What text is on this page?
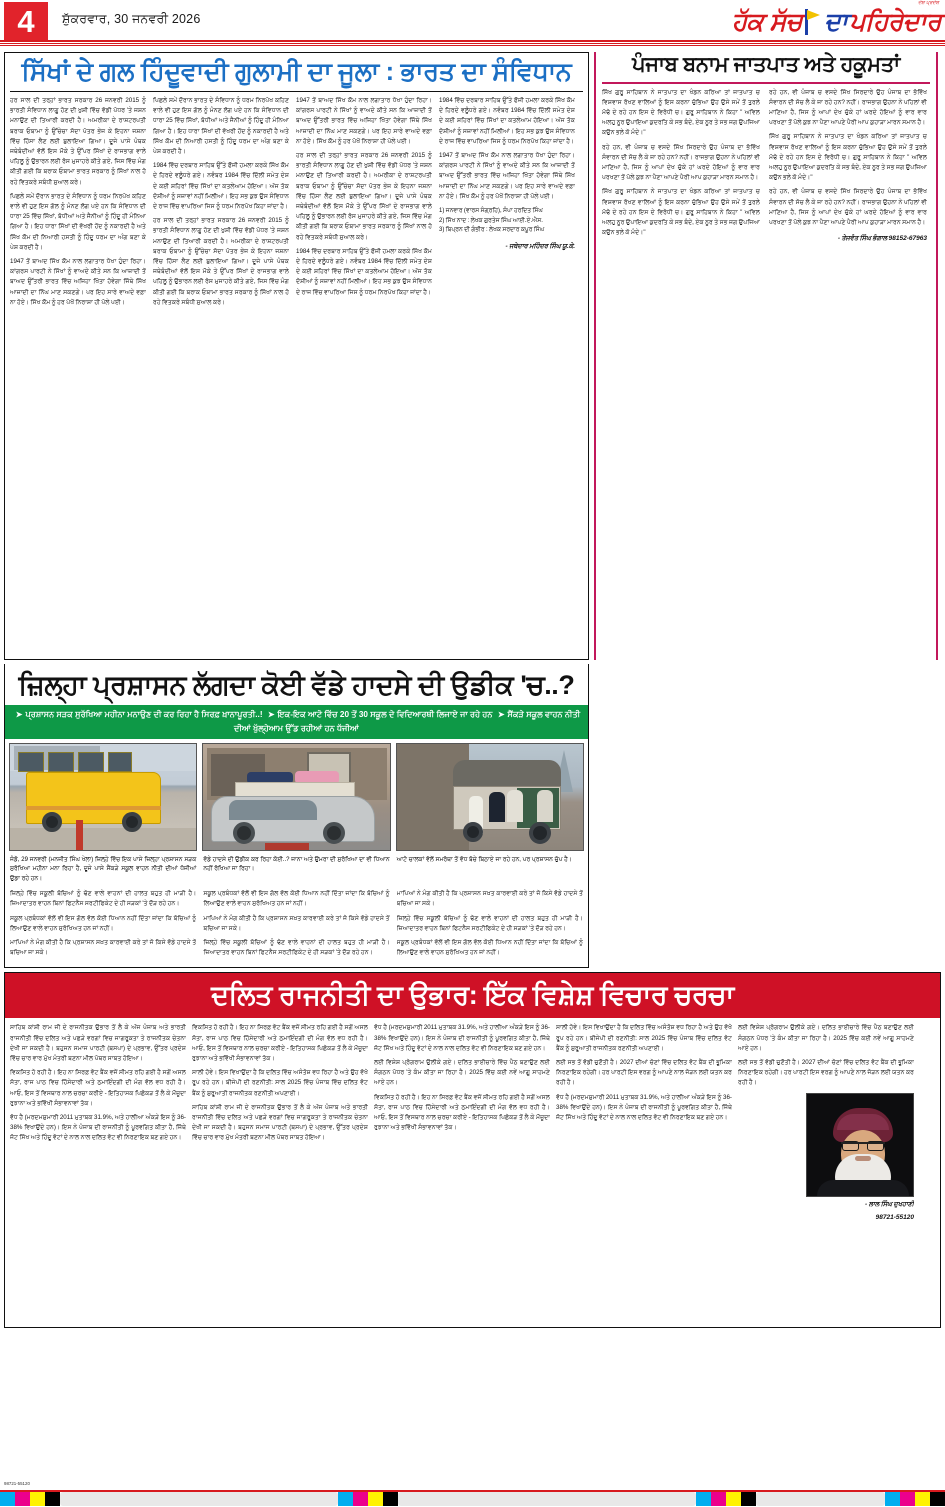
4	ਸ਼ੁੱਕਰਵਾਰ, 30 ਜਨਵਰੀ 2026	ਹੱਕ ਸੱਚ ਦਾ ਪਹਿਰੇਦਾਰ
ਦੇਸ਼ ਪ੍ਰਦੇਸ਼
ਸਿੱਖਾਂ ਦੇ ਗਲ ਹਿੰਦੂਵਾਦੀ ਗੁਲਾਮੀ ਦਾ ਜੂਲਾ : ਭਾਰਤ ਦਾ ਸੰਵਿਧਾਨ

ਹਰ ਸਾਲ ਦੀ ਤਰ੍ਹਾਂ ਭਾਰਤ ਸਰਕਾਰ 26 ਜਨਵਰੀ 2015 ਨੂੰ ਭਾਰਤੀ ਸੰਵਿਧਾਨ ਲਾਗੂ ਹੋਣ ਦੀ ਖੁਸ਼ੀ ਵਿੱਚ ਵੱਡੀ ਪੱਧਰ 'ਤੇ ਜਸ਼ਨ ਮਨਾਉਣ ਦੀ ਤਿਆਰੀ ਕਰਦੀ ਹੈ। ਅਮਰੀਕਾ ਦੇ ਰਾਸ਼ਟਰਪਤੀ ਬਰਾਕ ਓਬਾਮਾ ਨੂੰ ਉੱਚੇਚਾ ਸੱਦਾ ਪੱਤਰ ਭੇਜ ਕੇ ਇਹਨਾ ਜਸ਼ਨਾ ਵਿੱਚ ਹਿੱਸਾ ਲੈਣ ਲਈ ਬੁਲਾਇਆ ਗਿਆ। ਦੂਜੇ ਪਾਸੇ ਪੰਥਕ ਜਥੇਬੰਦੀਆਂ ਵੱਲੋਂ ਇਸ ਮੌਕੇ ਤੇ ਉੱਪਰ ਸਿੱਖਾਂ ਦੇ ਰਾਜਭਾਗ ਵਾਲੇ ਪਹਿਲੂ ਨੂੰ ਉਭਾਰਨ ਲਈ ਰੋਸ ਮੁਜਾਹਰੇ ਕੀਤੇ ਗਏ, ਜਿਸ ਵਿੱਚ ਮੰਗ ਕੀਤੀ ਗਈ ਕਿ ਬਰਾਕ ਓਬਾਮਾ ਭਾਰਤ ਸਰਕਾਰ ਨੂੰ ਸਿੱਖਾਂ ਨਾਲ ਹੋ ਰਹੇ ਵਿਤਕਰੇ ਸਬੰਧੀ ਸੁਆਲ ਕਰੇ।

ਪਿਛਲੇ ਸਮੇਂ ਦੌਰਾਨ ਭਾਰਤ ਦੇ ਸੰਵਿਧਾਨ ਨੂੰ ਧਰਮ ਨਿਰਪੱਖ ਕਹਿਣ ਵਾਲੇ ਵੀ ਹੁਣ ਇਸ ਗੱਲ ਨੂੰ ਮੰਨਣ ਲੱਗ ਪਏ ਹਨ ਕਿ ਸੰਵਿਧਾਨ ਦੀ ਧਾਰਾ 25 ਵਿੱਚ ਸਿੱਖਾਂ, ਬੋਧੀਆਂ ਅਤੇ ਜੈਨੀਆਂ ਨੂੰ ਹਿੰਦੂ ਹੀ ਮੰਨਿਆ ਗਿਆ ਹੈ। ਇਹ ਧਾਰਾ ਸਿੱਖਾਂ ਦੀ ਵੱਖਰੀ ਹੋਂਦ ਨੂੰ ਨਕਾਰਦੀ ਹੈ ਅਤੇ ਸਿੱਖ ਕੌਮ ਦੀ ਨਿਆਰੀ ਹਸਤੀ ਨੂੰ ਹਿੰਦੂ ਧਰਮ ਦਾ ਅੰਗ ਬਣਾ ਕੇ ਪੇਸ਼ ਕਰਦੀ ਹੈ।

1947 ਤੋਂ ਬਾਅਦ ਸਿੱਖ ਕੌਮ ਨਾਲ ਲਗਾਤਾਰ ਧੋਖਾ ਹੁੰਦਾ ਰਿਹਾ। ਕਾਂਗਰਸ ਪਾਰਟੀ ਨੇ ਸਿੱਖਾਂ ਨੂੰ ਵਾਅਦੇ ਕੀਤੇ ਸਨ ਕਿ ਆਜ਼ਾਦੀ ਤੋਂ ਬਾਅਦ ਉੱਤਰੀ ਭਾਰਤ ਵਿੱਚ ਅਜਿਹਾ ਖਿੱਤਾ ਹੋਵੇਗਾ ਜਿੱਥੇ ਸਿੱਖ ਆਜ਼ਾਦੀ ਦਾ ਨਿੱਘ ਮਾਣ ਸਕਣਗੇ। ਪਰ ਇਹ ਸਾਰੇ ਵਾਅਦੇ ਵਫ਼ਾ ਨਾ ਹੋਏ। ਸਿੱਖ ਕੌਮ ਨੂੰ ਹਰ ਪੱਖੋਂ ਨਿਰਾਸ਼ਾ ਹੀ ਪੱਲੇ ਪਈ।

ਪਿਛਲੇ ਸਮੇਂ ਦੌਰਾਨ ਭਾਰਤ ਦੇ ਸੰਵਿਧਾਨ ਨੂੰ ਧਰਮ ਨਿਰਪੱਖ ਕਹਿਣ ਵਾਲੇ ਵੀ ਹੁਣ ਇਸ ਗੱਲ ਨੂੰ ਮੰਨਣ ਲੱਗ ਪਏ ਹਨ ਕਿ ਸੰਵਿਧਾਨ ਦੀ ਧਾਰਾ 25 ਵਿੱਚ ਸਿੱਖਾਂ, ਬੋਧੀਆਂ ਅਤੇ ਜੈਨੀਆਂ ਨੂੰ ਹਿੰਦੂ ਹੀ ਮੰਨਿਆ ਗਿਆ ਹੈ। ਇਹ ਧਾਰਾ ਸਿੱਖਾਂ ਦੀ ਵੱਖਰੀ ਹੋਂਦ ਨੂੰ ਨਕਾਰਦੀ ਹੈ ਅਤੇ ਸਿੱਖ ਕੌਮ ਦੀ ਨਿਆਰੀ ਹਸਤੀ ਨੂੰ ਹਿੰਦੂ ਧਰਮ ਦਾ ਅੰਗ ਬਣਾ ਕੇ ਪੇਸ਼ ਕਰਦੀ ਹੈ।

1984 ਵਿੱਚ ਦਰਬਾਰ ਸਾਹਿਬ ਉੱਤੇ ਫੌਜੀ ਹਮਲਾ ਕਰਕੇ ਸਿੱਖ ਕੌਮ ਦੇ ਹਿਰਦੇ ਵਲੂੰਧਰੇ ਗਏ। ਨਵੰਬਰ 1984 ਵਿੱਚ ਦਿੱਲੀ ਸਮੇਤ ਦੇਸ਼ ਦੇ ਕਈ ਸ਼ਹਿਰਾਂ ਵਿੱਚ ਸਿੱਖਾਂ ਦਾ ਕਤਲੇਆਮ ਹੋਇਆ। ਅੱਜ ਤੱਕ ਦੋਸ਼ੀਆਂ ਨੂੰ ਸਜ਼ਾਵਾਂ ਨਹੀਂ ਮਿਲੀਆਂ। ਇਹ ਸਭ ਕੁਝ ਉਸ ਸੰਵਿਧਾਨ ਦੇ ਰਾਜ ਵਿੱਚ ਵਾਪਰਿਆ ਜਿਸ ਨੂੰ ਧਰਮ ਨਿਰਪੱਖ ਕਿਹਾ ਜਾਂਦਾ ਹੈ।

ਹਰ ਸਾਲ ਦੀ ਤਰ੍ਹਾਂ ਭਾਰਤ ਸਰਕਾਰ 26 ਜਨਵਰੀ 2015 ਨੂੰ ਭਾਰਤੀ ਸੰਵਿਧਾਨ ਲਾਗੂ ਹੋਣ ਦੀ ਖੁਸ਼ੀ ਵਿੱਚ ਵੱਡੀ ਪੱਧਰ 'ਤੇ ਜਸ਼ਨ ਮਨਾਉਣ ਦੀ ਤਿਆਰੀ ਕਰਦੀ ਹੈ। ਅਮਰੀਕਾ ਦੇ ਰਾਸ਼ਟਰਪਤੀ ਬਰਾਕ ਓਬਾਮਾ ਨੂੰ ਉੱਚੇਚਾ ਸੱਦਾ ਪੱਤਰ ਭੇਜ ਕੇ ਇਹਨਾ ਜਸ਼ਨਾ ਵਿੱਚ ਹਿੱਸਾ ਲੈਣ ਲਈ ਬੁਲਾਇਆ ਗਿਆ। ਦੂਜੇ ਪਾਸੇ ਪੰਥਕ ਜਥੇਬੰਦੀਆਂ ਵੱਲੋਂ ਇਸ ਮੌਕੇ ਤੇ ਉੱਪਰ ਸਿੱਖਾਂ ਦੇ ਰਾਜਭਾਗ ਵਾਲੇ ਪਹਿਲੂ ਨੂੰ ਉਭਾਰਨ ਲਈ ਰੋਸ ਮੁਜਾਹਰੇ ਕੀਤੇ ਗਏ, ਜਿਸ ਵਿੱਚ ਮੰਗ ਕੀਤੀ ਗਈ ਕਿ ਬਰਾਕ ਓਬਾਮਾ ਭਾਰਤ ਸਰਕਾਰ ਨੂੰ ਸਿੱਖਾਂ ਨਾਲ ਹੋ ਰਹੇ ਵਿਤਕਰੇ ਸਬੰਧੀ ਸੁਆਲ ਕਰੇ।

1947 ਤੋਂ ਬਾਅਦ ਸਿੱਖ ਕੌਮ ਨਾਲ ਲਗਾਤਾਰ ਧੋਖਾ ਹੁੰਦਾ ਰਿਹਾ। ਕਾਂਗਰਸ ਪਾਰਟੀ ਨੇ ਸਿੱਖਾਂ ਨੂੰ ਵਾਅਦੇ ਕੀਤੇ ਸਨ ਕਿ ਆਜ਼ਾਦੀ ਤੋਂ ਬਾਅਦ ਉੱਤਰੀ ਭਾਰਤ ਵਿੱਚ ਅਜਿਹਾ ਖਿੱਤਾ ਹੋਵੇਗਾ ਜਿੱਥੇ ਸਿੱਖ ਆਜ਼ਾਦੀ ਦਾ ਨਿੱਘ ਮਾਣ ਸਕਣਗੇ। ਪਰ ਇਹ ਸਾਰੇ ਵਾਅਦੇ ਵਫ਼ਾ ਨਾ ਹੋਏ। ਸਿੱਖ ਕੌਮ ਨੂੰ ਹਰ ਪੱਖੋਂ ਨਿਰਾਸ਼ਾ ਹੀ ਪੱਲੇ ਪਈ।

ਹਰ ਸਾਲ ਦੀ ਤਰ੍ਹਾਂ ਭਾਰਤ ਸਰਕਾਰ 26 ਜਨਵਰੀ 2015 ਨੂੰ ਭਾਰਤੀ ਸੰਵਿਧਾਨ ਲਾਗੂ ਹੋਣ ਦੀ ਖੁਸ਼ੀ ਵਿੱਚ ਵੱਡੀ ਪੱਧਰ 'ਤੇ ਜਸ਼ਨ ਮਨਾਉਣ ਦੀ ਤਿਆਰੀ ਕਰਦੀ ਹੈ। ਅਮਰੀਕਾ ਦੇ ਰਾਸ਼ਟਰਪਤੀ ਬਰਾਕ ਓਬਾਮਾ ਨੂੰ ਉੱਚੇਚਾ ਸੱਦਾ ਪੱਤਰ ਭੇਜ ਕੇ ਇਹਨਾ ਜਸ਼ਨਾ ਵਿੱਚ ਹਿੱਸਾ ਲੈਣ ਲਈ ਬੁਲਾਇਆ ਗਿਆ। ਦੂਜੇ ਪਾਸੇ ਪੰਥਕ ਜਥੇਬੰਦੀਆਂ ਵੱਲੋਂ ਇਸ ਮੌਕੇ ਤੇ ਉੱਪਰ ਸਿੱਖਾਂ ਦੇ ਰਾਜਭਾਗ ਵਾਲੇ ਪਹਿਲੂ ਨੂੰ ਉਭਾਰਨ ਲਈ ਰੋਸ ਮੁਜਾਹਰੇ ਕੀਤੇ ਗਏ, ਜਿਸ ਵਿੱਚ ਮੰਗ ਕੀਤੀ ਗਈ ਕਿ ਬਰਾਕ ਓਬਾਮਾ ਭਾਰਤ ਸਰਕਾਰ ਨੂੰ ਸਿੱਖਾਂ ਨਾਲ ਹੋ ਰਹੇ ਵਿਤਕਰੇ ਸਬੰਧੀ ਸੁਆਲ ਕਰੇ।

1984 ਵਿੱਚ ਦਰਬਾਰ ਸਾਹਿਬ ਉੱਤੇ ਫੌਜੀ ਹਮਲਾ ਕਰਕੇ ਸਿੱਖ ਕੌਮ ਦੇ ਹਿਰਦੇ ਵਲੂੰਧਰੇ ਗਏ। ਨਵੰਬਰ 1984 ਵਿੱਚ ਦਿੱਲੀ ਸਮੇਤ ਦੇਸ਼ ਦੇ ਕਈ ਸ਼ਹਿਰਾਂ ਵਿੱਚ ਸਿੱਖਾਂ ਦਾ ਕਤਲੇਆਮ ਹੋਇਆ। ਅੱਜ ਤੱਕ ਦੋਸ਼ੀਆਂ ਨੂੰ ਸਜ਼ਾਵਾਂ ਨਹੀਂ ਮਿਲੀਆਂ। ਇਹ ਸਭ ਕੁਝ ਉਸ ਸੰਵਿਧਾਨ ਦੇ ਰਾਜ ਵਿੱਚ ਵਾਪਰਿਆ ਜਿਸ ਨੂੰ ਧਰਮ ਨਿਰਪੱਖ ਕਿਹਾ ਜਾਂਦਾ ਹੈ।

1984 ਵਿੱਚ ਦਰਬਾਰ ਸਾਹਿਬ ਉੱਤੇ ਫੌਜੀ ਹਮਲਾ ਕਰਕੇ ਸਿੱਖ ਕੌਮ ਦੇ ਹਿਰਦੇ ਵਲੂੰਧਰੇ ਗਏ। ਨਵੰਬਰ 1984 ਵਿੱਚ ਦਿੱਲੀ ਸਮੇਤ ਦੇਸ਼ ਦੇ ਕਈ ਸ਼ਹਿਰਾਂ ਵਿੱਚ ਸਿੱਖਾਂ ਦਾ ਕਤਲੇਆਮ ਹੋਇਆ। ਅੱਜ ਤੱਕ ਦੋਸ਼ੀਆਂ ਨੂੰ ਸਜ਼ਾਵਾਂ ਨਹੀਂ ਮਿਲੀਆਂ। ਇਹ ਸਭ ਕੁਝ ਉਸ ਸੰਵਿਧਾਨ ਦੇ ਰਾਜ ਵਿੱਚ ਵਾਪਰਿਆ ਜਿਸ ਨੂੰ ਧਰਮ ਨਿਰਪੱਖ ਕਿਹਾ ਜਾਂਦਾ ਹੈ।

1947 ਤੋਂ ਬਾਅਦ ਸਿੱਖ ਕੌਮ ਨਾਲ ਲਗਾਤਾਰ ਧੋਖਾ ਹੁੰਦਾ ਰਿਹਾ। ਕਾਂਗਰਸ ਪਾਰਟੀ ਨੇ ਸਿੱਖਾਂ ਨੂੰ ਵਾਅਦੇ ਕੀਤੇ ਸਨ ਕਿ ਆਜ਼ਾਦੀ ਤੋਂ ਬਾਅਦ ਉੱਤਰੀ ਭਾਰਤ ਵਿੱਚ ਅਜਿਹਾ ਖਿੱਤਾ ਹੋਵੇਗਾ ਜਿੱਥੇ ਸਿੱਖ ਆਜ਼ਾਦੀ ਦਾ ਨਿੱਘ ਮਾਣ ਸਕਣਗੇ। ਪਰ ਇਹ ਸਾਰੇ ਵਾਅਦੇ ਵਫ਼ਾ ਨਾ ਹੋਏ। ਸਿੱਖ ਕੌਮ ਨੂੰ ਹਰ ਪੱਖੋਂ ਨਿਰਾਸ਼ਾ ਹੀ ਪੱਲੇ ਪਈ।

1) ਜਨਵਾਰ (ਵਾਰਸ ਸੰਗ੍ਰਹਿ), ਸੰਪਾ ਹਰਦਿਤ ਸਿੰਘ
2) ਸਿੱਖ ਨਾਦ : ਲੇਖਕ ਗੁਰਤੇਜ ਸਿੰਘ ਆਈ.ਏ.ਐਸ.
3) ਬਿਪ੍ਰਨ ਦੀ ਗੰਭੀਰ : ਲੇਖਕ ਸਰਦਾਰ ਕਪੂਰ ਸਿੰਘ
- ਜਥੇਦਾਰ ਮਹਿੰਦਰ ਸਿੰਘ ਯੂ.ਕੇ.
ਪੰਜਾਬ ਬਨਾਮ ਜਾਤਪਾਤ ਅਤੇ ਹਕੂਮਤਾਂ

ਸਿੱਖ ਗੁਰੂ ਸਾਹਿਬਾਨ ਨੇ ਜਾਤਪਾਤ ਦਾ ਖੰਡਨ ਕਰਿਆ ਤਾਂ ਜਾਤਪਾਤ ਚ ਵਿਸ਼ਵਾਸ ਰੱਖਣ ਵਾਲਿਆਂ ਨੂੰ ਇਸ ਕਰਨਾ ਚੁੱਭਿਆ ਉਹ ਉਸੇ ਸਮੇਂ ਤੋਂ ਤੁਰਲੇ ਮੱਢੋ ਦੇ ਰਹੇ ਹਨ ਇਸ ਦੇ ਵਿਰੋਧੀ ਚ। ਗੁਰੂ ਸਾਹਿਬਾਨ ਨੇ ਕਿਹਾ " ਅਵਿਲ ਅਲਹੁ ਨੂਰ ਉਪਾਇਆ ਕੁਦਰਤਿ ਕੇ ਸਭ ਬੰਦੇ, ਏਕ ਨੂਰ ਤੇ ਸਭ ਜਗ ਉਪਜਿਆ ਕਉਨ ਭਲੇ ਕੋ ਮੰਦੇ।"

ਰਹੇ ਹਨ, ਵੀ ਪੰਜਾਬ ਚ ਵਸਦੇ ਸਿੱਖ ਸਿਰਦਾਰੇ ਉਹ ਪੰਜਾਬ ਦਾ ਭੱਵਿੱਖ ਸੰਵਾਰਨ ਦੀ ਸੋਚ ਲੈ ਕੇ ਜਾ ਰਹੇ ਹਨ? ਨਹੀਂ। ਰਾਜਭਾਗ ਉਹਨਾ ਨੇ ਪਹਿਲਾਂ ਵੀ ਮਾਣਿਆ ਹੈ, ਜਿਸ ਨੂੰ ਆਪਾਂ ਦੇਖ ਚੁੱਕੇ ਹਾਂ ਘਰਦੇ ਹੋਇਆਂ ਨੂੰ ਵਾਰ ਵਾਰ ਪਰਖਣਾ ਤੋਂ ਪੱਲੇ ਕੁਝ ਨਾ ਪੈਣਾ ਆਪਣੇ ਪੈਰੀ ਆਪ ਕੁਹਾੜਾ ਮਾਰਨ ਸਮਾਨ ਹੈ।

ਸਿੱਖ ਗੁਰੂ ਸਾਹਿਬਾਨ ਨੇ ਜਾਤਪਾਤ ਦਾ ਖੰਡਨ ਕਰਿਆ ਤਾਂ ਜਾਤਪਾਤ ਚ ਵਿਸ਼ਵਾਸ ਰੱਖਣ ਵਾਲਿਆਂ ਨੂੰ ਇਸ ਕਰਨਾ ਚੁੱਭਿਆ ਉਹ ਉਸੇ ਸਮੇਂ ਤੋਂ ਤੁਰਲੇ ਮੱਢੋ ਦੇ ਰਹੇ ਹਨ ਇਸ ਦੇ ਵਿਰੋਧੀ ਚ। ਗੁਰੂ ਸਾਹਿਬਾਨ ਨੇ ਕਿਹਾ " ਅਵਿਲ ਅਲਹੁ ਨੂਰ ਉਪਾਇਆ ਕੁਦਰਤਿ ਕੇ ਸਭ ਬੰਦੇ, ਏਕ ਨੂਰ ਤੇ ਸਭ ਜਗ ਉਪਜਿਆ ਕਉਨ ਭਲੇ ਕੋ ਮੰਦੇ।"

ਰਹੇ ਹਨ, ਵੀ ਪੰਜਾਬ ਚ ਵਸਦੇ ਸਿੱਖ ਸਿਰਦਾਰੇ ਉਹ ਪੰਜਾਬ ਦਾ ਭੱਵਿੱਖ ਸੰਵਾਰਨ ਦੀ ਸੋਚ ਲੈ ਕੇ ਜਾ ਰਹੇ ਹਨ? ਨਹੀਂ। ਰਾਜਭਾਗ ਉਹਨਾ ਨੇ ਪਹਿਲਾਂ ਵੀ ਮਾਣਿਆ ਹੈ, ਜਿਸ ਨੂੰ ਆਪਾਂ ਦੇਖ ਚੁੱਕੇ ਹਾਂ ਘਰਦੇ ਹੋਇਆਂ ਨੂੰ ਵਾਰ ਵਾਰ ਪਰਖਣਾ ਤੋਂ ਪੱਲੇ ਕੁਝ ਨਾ ਪੈਣਾ ਆਪਣੇ ਪੈਰੀ ਆਪ ਕੁਹਾੜਾ ਮਾਰਨ ਸਮਾਨ ਹੈ।

ਸਿੱਖ ਗੁਰੂ ਸਾਹਿਬਾਨ ਨੇ ਜਾਤਪਾਤ ਦਾ ਖੰਡਨ ਕਰਿਆ ਤਾਂ ਜਾਤਪਾਤ ਚ ਵਿਸ਼ਵਾਸ ਰੱਖਣ ਵਾਲਿਆਂ ਨੂੰ ਇਸ ਕਰਨਾ ਚੁੱਭਿਆ ਉਹ ਉਸੇ ਸਮੇਂ ਤੋਂ ਤੁਰਲੇ ਮੱਢੋ ਦੇ ਰਹੇ ਹਨ ਇਸ ਦੇ ਵਿਰੋਧੀ ਚ। ਗੁਰੂ ਸਾਹਿਬਾਨ ਨੇ ਕਿਹਾ " ਅਵਿਲ ਅਲਹੁ ਨੂਰ ਉਪਾਇਆ ਕੁਦਰਤਿ ਕੇ ਸਭ ਬੰਦੇ, ਏਕ ਨੂਰ ਤੇ ਸਭ ਜਗ ਉਪਜਿਆ ਕਉਨ ਭਲੇ ਕੋ ਮੰਦੇ।"

ਰਹੇ ਹਨ, ਵੀ ਪੰਜਾਬ ਚ ਵਸਦੇ ਸਿੱਖ ਸਿਰਦਾਰੇ ਉਹ ਪੰਜਾਬ ਦਾ ਭੱਵਿੱਖ ਸੰਵਾਰਨ ਦੀ ਸੋਚ ਲੈ ਕੇ ਜਾ ਰਹੇ ਹਨ? ਨਹੀਂ। ਰਾਜਭਾਗ ਉਹਨਾ ਨੇ ਪਹਿਲਾਂ ਵੀ ਮਾਣਿਆ ਹੈ, ਜਿਸ ਨੂੰ ਆਪਾਂ ਦੇਖ ਚੁੱਕੇ ਹਾਂ ਘਰਦੇ ਹੋਇਆਂ ਨੂੰ ਵਾਰ ਵਾਰ ਪਰਖਣਾ ਤੋਂ ਪੱਲੇ ਕੁਝ ਨਾ ਪੈਣਾ ਆਪਣੇ ਪੈਰੀ ਆਪ ਕੁਹਾੜਾ ਮਾਰਨ ਸਮਾਨ ਹੈ।

- ਤੇਜਵੰਤ ਸਿੰਘ ਭੰਗਾਲ 98152-67963
ਜ਼ਿਲ੍ਹਾ ਪ੍ਰਸ਼ਾਸਨ ਲੱਗਦਾ ਕੋਈ ਵੱਡੇ ਹਾਦਸੇ ਦੀ ਉਡੀਕ 'ਚ..?
➤ ਪ੍ਰਸ਼ਾਸਨ ਸੜਕ ਸੁਰੱਖਿਆ ਮਹੀਨਾ ਮਨਾਉਣ ਦੀ ਕਰ ਰਿਹਾ ਹੈ ਸਿਰਫ਼ ਖ਼ਾਨਾਪੂਰਤੀ..! ➤ ਇਕ-ਇਕ ਆਟੋ ਵਿੱਚ 20 ਤੋਂ 30 ਸਕੂਲ ਦੇ ਵਿਦਿਆਰਥੀ ਲਿਜਾਏ ਜਾ ਰਹੇ ਹਨ ➤ ਸੈਂਕੜੇ ਸਕੂਲ ਵਾਹਨ ਨੀਤੀ ਦੀਆਂ ਖੁੱਲ੍ਹੇਆਮ ਉੱਡ ਰਹੀਆਂ ਹਨ ਧੱਜੀਆਂ
ਜੰਡੋ, 29 ਜਨਵਰੀ (ਮਨਜੀਤ ਸਿੰਘ ਖੇਲਾ) ਜ਼ਿਲ੍ਹੇ ਵਿੱਚ ਇਕ ਪਾਸੇ ਜ਼ਿਲ੍ਹਾ ਪ੍ਰਸ਼ਾਸਨ ਸੜਕ ਸੁਰੱਖਿਆ ਮਹੀਨਾ ਮਨਾ ਰਿਹਾ ਹੈ, ਦੂਜੇ ਪਾਸੇ ਸੈਂਕੜੇ ਸਕੂਲ ਵਾਹਨ ਨੀਤੀ ਦੀਆਂ ਧੱਜੀਆਂ ਉਡਾ ਰਹੇ ਹਨ।
ਵੱਡੇ ਹਾਦਸੇ ਦੀ ਉਡੀਕ ਕਰ ਰਿਹਾ ਕੋਈ..? ਜਾਨਾ ਅਤੇ ਉਮਰਾ ਦੀ ਸੁਰੱਖਿਆ ਦਾ ਵੀ ਧਿਆਨ ਨਹੀਂ ਰੱਖਿਆ ਜਾ ਰਿਹਾ।
ਆਟੋ ਚਾਲਕਾਂ ਵੱਲੋਂ ਸਮਰੱਥਾ ਤੋਂ ਵੱਧ ਬੱਚੇ ਬਿਠਾਏ ਜਾ ਰਹੇ ਹਨ, ਪਰ ਪ੍ਰਸ਼ਾਸਨ ਚੁੱਪ ਹੈ।

ਜ਼ਿਲ੍ਹੇ ਵਿੱਚ ਸਕੂਲੀ ਬੱਚਿਆਂ ਨੂੰ ਢੋਣ ਵਾਲੇ ਵਾਹਨਾਂ ਦੀ ਹਾਲਤ ਬਹੁਤ ਹੀ ਮਾੜੀ ਹੈ। ਜ਼ਿਆਦਾਤਰ ਵਾਹਨ ਬਿਨਾਂ ਫਿਟਨੈਸ ਸਰਟੀਫਿਕੇਟ ਦੇ ਹੀ ਸੜਕਾਂ 'ਤੇ ਦੌੜ ਰਹੇ ਹਨ।

ਸਕੂਲ ਪ੍ਰਬੰਧਕਾਂ ਵੱਲੋਂ ਵੀ ਇਸ ਗੱਲ ਵੱਲ ਕੋਈ ਧਿਆਨ ਨਹੀਂ ਦਿੱਤਾ ਜਾਂਦਾ ਕਿ ਬੱਚਿਆਂ ਨੂੰ ਲਿਆਉਣ ਵਾਲੇ ਵਾਹਨ ਸੁਰੱਖਿਅਤ ਹਨ ਜਾਂ ਨਹੀਂ।

ਮਾਪਿਆਂ ਨੇ ਮੰਗ ਕੀਤੀ ਹੈ ਕਿ ਪ੍ਰਸ਼ਾਸਨ ਸਖ਼ਤ ਕਾਰਵਾਈ ਕਰੇ ਤਾਂ ਜੋ ਕਿਸੇ ਵੱਡੇ ਹਾਦਸੇ ਤੋਂ ਬਚਿਆ ਜਾ ਸਕੇ।

ਸਕੂਲ ਪ੍ਰਬੰਧਕਾਂ ਵੱਲੋਂ ਵੀ ਇਸ ਗੱਲ ਵੱਲ ਕੋਈ ਧਿਆਨ ਨਹੀਂ ਦਿੱਤਾ ਜਾਂਦਾ ਕਿ ਬੱਚਿਆਂ ਨੂੰ ਲਿਆਉਣ ਵਾਲੇ ਵਾਹਨ ਸੁਰੱਖਿਅਤ ਹਨ ਜਾਂ ਨਹੀਂ।

ਮਾਪਿਆਂ ਨੇ ਮੰਗ ਕੀਤੀ ਹੈ ਕਿ ਪ੍ਰਸ਼ਾਸਨ ਸਖ਼ਤ ਕਾਰਵਾਈ ਕਰੇ ਤਾਂ ਜੋ ਕਿਸੇ ਵੱਡੇ ਹਾਦਸੇ ਤੋਂ ਬਚਿਆ ਜਾ ਸਕੇ।

ਜ਼ਿਲ੍ਹੇ ਵਿੱਚ ਸਕੂਲੀ ਬੱਚਿਆਂ ਨੂੰ ਢੋਣ ਵਾਲੇ ਵਾਹਨਾਂ ਦੀ ਹਾਲਤ ਬਹੁਤ ਹੀ ਮਾੜੀ ਹੈ। ਜ਼ਿਆਦਾਤਰ ਵਾਹਨ ਬਿਨਾਂ ਫਿਟਨੈਸ ਸਰਟੀਫਿਕੇਟ ਦੇ ਹੀ ਸੜਕਾਂ 'ਤੇ ਦੌੜ ਰਹੇ ਹਨ।

ਮਾਪਿਆਂ ਨੇ ਮੰਗ ਕੀਤੀ ਹੈ ਕਿ ਪ੍ਰਸ਼ਾਸਨ ਸਖ਼ਤ ਕਾਰਵਾਈ ਕਰੇ ਤਾਂ ਜੋ ਕਿਸੇ ਵੱਡੇ ਹਾਦਸੇ ਤੋਂ ਬਚਿਆ ਜਾ ਸਕੇ।

ਜ਼ਿਲ੍ਹੇ ਵਿੱਚ ਸਕੂਲੀ ਬੱਚਿਆਂ ਨੂੰ ਢੋਣ ਵਾਲੇ ਵਾਹਨਾਂ ਦੀ ਹਾਲਤ ਬਹੁਤ ਹੀ ਮਾੜੀ ਹੈ। ਜ਼ਿਆਦਾਤਰ ਵਾਹਨ ਬਿਨਾਂ ਫਿਟਨੈਸ ਸਰਟੀਫਿਕੇਟ ਦੇ ਹੀ ਸੜਕਾਂ 'ਤੇ ਦੌੜ ਰਹੇ ਹਨ।

ਸਕੂਲ ਪ੍ਰਬੰਧਕਾਂ ਵੱਲੋਂ ਵੀ ਇਸ ਗੱਲ ਵੱਲ ਕੋਈ ਧਿਆਨ ਨਹੀਂ ਦਿੱਤਾ ਜਾਂਦਾ ਕਿ ਬੱਚਿਆਂ ਨੂੰ ਲਿਆਉਣ ਵਾਲੇ ਵਾਹਨ ਸੁਰੱਖਿਅਤ ਹਨ ਜਾਂ ਨਹੀਂ।

ਦਲਿਤ ਰਾਜਨੀਤੀ ਦਾ ਉਭਾਰ: ਇੱਕ ਵਿਸ਼ੇਸ਼ ਵਿਚਾਰ ਚਰਚਾ

ਸਾਹਿਬ ਕਾਂਸ਼ੀ ਰਾਮ ਜੀ ਦੇ ਰਾਜਨੀਤਕ ਉਭਾਰ ਤੋਂ ਲੈ ਕੇ ਅੱਜ ਪੰਜਾਬ ਅਤੇ ਭਾਰਤੀ ਰਾਜਨੀਤੀ ਵਿੱਚ ਦਲਿਤ ਅਤੇ ਪਛੜੇ ਵਰਗਾਂ ਵਿਚ ਜਾਗਰੂਕਤਾ ਤੇ ਰਾਜਨੀਤਕ ਚੇਤਨਾ ਦੇਖੀ ਜਾ ਸਕਦੀ ਹੈ। ਬਹੁਜਨ ਸਮਾਜ ਪਾਰਟੀ (ਬਸਪਾ) ਦੇ ਪ੍ਰਭਾਵ, ਉੱਤਰ ਪ੍ਰਦੇਸ਼ ਵਿੱਚ ਚਾਰ ਵਾਰ ਮੁੱਖ ਮੰਤਰੀ ਬਣਨਾ ਮੀਲ ਪੱਥਰ ਸਾਬਤ ਹੋਇਆ।

ਵਿਕਸਿਤ ਹੋ ਰਹੀ ਹੈ। ਇਹ ਨਾ ਸਿਰਫ਼ ਵੋਟ ਬੈਂਕ ਵਜੋਂ ਸੀਮਤ ਰਹਿ ਗਈ ਹੈ ਸਗੋਂ ਅਸਲ ਸੱਤਾ, ਰਾਜ ਪਾਠ ਵਿਚ ਹਿੱਸੇਦਾਰੀ ਅਤੇ ਨੁਮਾਇੰਦਗੀ ਦੀ ਮੰਗ ਵੱਲ ਵਧ ਰਹੀ ਹੈ। ਆਓ, ਇਸ ਤੋਂ ਵਿਸਥਾਰ ਨਾਲ ਚਰਚਾ ਕਰੀਏ - ਇਤਿਹਾਸਕ ਪਿਛੋਕੜ ਤੋਂ ਲੈ ਕੇ ਮੌਜੂਦਾ ਰੁਝਾਨਾ ਅਤੇ ਭਵਿੱਖੀ ਸੰਭਾਵਨਾਵਾਂ ਤੱਕ।

ਵੱਧ ਹੈ (ਮਰਦਮਸ਼ੁਮਾਰੀ 2011 ਮੁਤਾਬਕ 31.9%, ਅਤੇ ਹਾਲੀਆ ਅੰਕੜੇ ਇਸ ਨੂੰ 36-38% ਵਿਖਾਉਂਦੇ ਹਨ)। ਇਸ ਨੇ ਪੰਜਾਬ ਦੀ ਰਾਜਨੀਤੀ ਨੂੰ ਪੂਰਵਗਿਤ ਕੀਤਾ ਹੈ, ਜਿੱਥੇ ਜੱਟ ਸਿੱਖ ਅਤੇ ਹਿੰਦੂ ਵੋਟਾਂ ਦੇ ਨਾਲ ਨਾਲ ਦਲਿਤ ਵੋਟ ਵੀ ਨਿਰਣਾਇਕ ਬਣ ਗਏ ਹਨ।

ਵਿਕਸਿਤ ਹੋ ਰਹੀ ਹੈ। ਇਹ ਨਾ ਸਿਰਫ਼ ਵੋਟ ਬੈਂਕ ਵਜੋਂ ਸੀਮਤ ਰਹਿ ਗਈ ਹੈ ਸਗੋਂ ਅਸਲ ਸੱਤਾ, ਰਾਜ ਪਾਠ ਵਿਚ ਹਿੱਸੇਦਾਰੀ ਅਤੇ ਨੁਮਾਇੰਦਗੀ ਦੀ ਮੰਗ ਵੱਲ ਵਧ ਰਹੀ ਹੈ। ਆਓ, ਇਸ ਤੋਂ ਵਿਸਥਾਰ ਨਾਲ ਚਰਚਾ ਕਰੀਏ - ਇਤਿਹਾਸਕ ਪਿਛੋਕੜ ਤੋਂ ਲੈ ਕੇ ਮੌਜੂਦਾ ਰੁਝਾਨਾ ਅਤੇ ਭਵਿੱਖੀ ਸੰਭਾਵਨਾਵਾਂ ਤੱਕ।

ਸਾਲੀ ਹੋਵੇ। ਇਸ ਵਿਖਾਉਂਦਾ ਹੈ ਕਿ ਦਲਿਤ ਵਿੱਚ ਅਸੰਤੋਸ਼ ਵਧ ਰਿਹਾ ਹੈ ਅਤੇ ਉਹ ਵੱਖੋ ਰੂਪ ਰਹੇ ਹਨ। ਬੀਜੇਪੀ ਦੀ ਰਣਨੀਤੀ: ਸਾਲ 2025 ਵਿੱਚ ਪੰਜਾਬ ਵਿੱਚ ਦਲਿਤ ਵੋਟ ਬੈਂਕ ਨੂੰ ਸ਼ੁਰੂਆਤੀ ਰਾਜਨੀਤਕ ਰਣਨੀਤੀ ਅਪਣਾਈ।

ਸਾਹਿਬ ਕਾਂਸ਼ੀ ਰਾਮ ਜੀ ਦੇ ਰਾਜਨੀਤਕ ਉਭਾਰ ਤੋਂ ਲੈ ਕੇ ਅੱਜ ਪੰਜਾਬ ਅਤੇ ਭਾਰਤੀ ਰਾਜਨੀਤੀ ਵਿੱਚ ਦਲਿਤ ਅਤੇ ਪਛੜੇ ਵਰਗਾਂ ਵਿਚ ਜਾਗਰੂਕਤਾ ਤੇ ਰਾਜਨੀਤਕ ਚੇਤਨਾ ਦੇਖੀ ਜਾ ਸਕਦੀ ਹੈ। ਬਹੁਜਨ ਸਮਾਜ ਪਾਰਟੀ (ਬਸਪਾ) ਦੇ ਪ੍ਰਭਾਵ, ਉੱਤਰ ਪ੍ਰਦੇਸ਼ ਵਿੱਚ ਚਾਰ ਵਾਰ ਮੁੱਖ ਮੰਤਰੀ ਬਣਨਾ ਮੀਲ ਪੱਥਰ ਸਾਬਤ ਹੋਇਆ।

ਵੱਧ ਹੈ (ਮਰਦਮਸ਼ੁਮਾਰੀ 2011 ਮੁਤਾਬਕ 31.9%, ਅਤੇ ਹਾਲੀਆ ਅੰਕੜੇ ਇਸ ਨੂੰ 36-38% ਵਿਖਾਉਂਦੇ ਹਨ)। ਇਸ ਨੇ ਪੰਜਾਬ ਦੀ ਰਾਜਨੀਤੀ ਨੂੰ ਪੂਰਵਗਿਤ ਕੀਤਾ ਹੈ, ਜਿੱਥੇ ਜੱਟ ਸਿੱਖ ਅਤੇ ਹਿੰਦੂ ਵੋਟਾਂ ਦੇ ਨਾਲ ਨਾਲ ਦਲਿਤ ਵੋਟ ਵੀ ਨਿਰਣਾਇਕ ਬਣ ਗਏ ਹਨ।

ਲਈ ਵਿਸ਼ੇਸ਼ ਪ੍ਰੋਗਰਾਮ ਉਲੀਕੇ ਗਏ। ਦਲਿਤ ਭਾਈਚਾਰੇ ਵਿੱਚ ਪੈਠ ਬਣਾਉਣ ਲਈ ਸੰਗਠਨ ਪੱਧਰ 'ਤੇ ਕੰਮ ਕੀਤਾ ਜਾ ਰਿਹਾ ਹੈ। 2025 ਵਿੱਚ ਕਈ ਨਵੇਂ ਆਗੂ ਸਾਹਮਣੇ ਆਏ ਹਨ।

ਵਿਕਸਿਤ ਹੋ ਰਹੀ ਹੈ। ਇਹ ਨਾ ਸਿਰਫ਼ ਵੋਟ ਬੈਂਕ ਵਜੋਂ ਸੀਮਤ ਰਹਿ ਗਈ ਹੈ ਸਗੋਂ ਅਸਲ ਸੱਤਾ, ਰਾਜ ਪਾਠ ਵਿਚ ਹਿੱਸੇਦਾਰੀ ਅਤੇ ਨੁਮਾਇੰਦਗੀ ਦੀ ਮੰਗ ਵੱਲ ਵਧ ਰਹੀ ਹੈ। ਆਓ, ਇਸ ਤੋਂ ਵਿਸਥਾਰ ਨਾਲ ਚਰਚਾ ਕਰੀਏ - ਇਤਿਹਾਸਕ ਪਿਛੋਕੜ ਤੋਂ ਲੈ ਕੇ ਮੌਜੂਦਾ ਰੁਝਾਨਾ ਅਤੇ ਭਵਿੱਖੀ ਸੰਭਾਵਨਾਵਾਂ ਤੱਕ।

ਸਾਲੀ ਹੋਵੇ। ਇਸ ਵਿਖਾਉਂਦਾ ਹੈ ਕਿ ਦਲਿਤ ਵਿੱਚ ਅਸੰਤੋਸ਼ ਵਧ ਰਿਹਾ ਹੈ ਅਤੇ ਉਹ ਵੱਖੋ ਰੂਪ ਰਹੇ ਹਨ। ਬੀਜੇਪੀ ਦੀ ਰਣਨੀਤੀ: ਸਾਲ 2025 ਵਿੱਚ ਪੰਜਾਬ ਵਿੱਚ ਦਲਿਤ ਵੋਟ ਬੈਂਕ ਨੂੰ ਸ਼ੁਰੂਆਤੀ ਰਾਜਨੀਤਕ ਰਣਨੀਤੀ ਅਪਣਾਈ।

ਲਈ ਸਭ ਤੋਂ ਵੱਡੀ ਚੁਣੌਤੀ ਹੈ। 2027 ਦੀਆਂ ਚੋਣਾਂ ਵਿੱਚ ਦਲਿਤ ਵੋਟ ਬੈਂਕ ਦੀ ਭੂਮਿਕਾ ਨਿਰਣਾਇਕ ਰਹੇਗੀ। ਹਰ ਪਾਰਟੀ ਇਸ ਵਰਗ ਨੂੰ ਆਪਣੇ ਨਾਲ ਜੋੜਨ ਲਈ ਯਤਨ ਕਰ ਰਹੀ ਹੈ।

ਵੱਧ ਹੈ (ਮਰਦਮਸ਼ੁਮਾਰੀ 2011 ਮੁਤਾਬਕ 31.9%, ਅਤੇ ਹਾਲੀਆ ਅੰਕੜੇ ਇਸ ਨੂੰ 36-38% ਵਿਖਾਉਂਦੇ ਹਨ)। ਇਸ ਨੇ ਪੰਜਾਬ ਦੀ ਰਾਜਨੀਤੀ ਨੂੰ ਪੂਰਵਗਿਤ ਕੀਤਾ ਹੈ, ਜਿੱਥੇ ਜੱਟ ਸਿੱਖ ਅਤੇ ਹਿੰਦੂ ਵੋਟਾਂ ਦੇ ਨਾਲ ਨਾਲ ਦਲਿਤ ਵੋਟ ਵੀ ਨਿਰਣਾਇਕ ਬਣ ਗਏ ਹਨ।

ਲਈ ਵਿਸ਼ੇਸ਼ ਪ੍ਰੋਗਰਾਮ ਉਲੀਕੇ ਗਏ। ਦਲਿਤ ਭਾਈਚਾਰੇ ਵਿੱਚ ਪੈਠ ਬਣਾਉਣ ਲਈ ਸੰਗਠਨ ਪੱਧਰ 'ਤੇ ਕੰਮ ਕੀਤਾ ਜਾ ਰਿਹਾ ਹੈ। 2025 ਵਿੱਚ ਕਈ ਨਵੇਂ ਆਗੂ ਸਾਹਮਣੇ ਆਏ ਹਨ।

ਲਈ ਸਭ ਤੋਂ ਵੱਡੀ ਚੁਣੌਤੀ ਹੈ। 2027 ਦੀਆਂ ਚੋਣਾਂ ਵਿੱਚ ਦਲਿਤ ਵੋਟ ਬੈਂਕ ਦੀ ਭੂਮਿਕਾ ਨਿਰਣਾਇਕ ਰਹੇਗੀ। ਹਰ ਪਾਰਟੀ ਇਸ ਵਰਗ ਨੂੰ ਆਪਣੇ ਨਾਲ ਜੋੜਨ ਲਈ ਯਤਨ ਕਰ ਰਹੀ ਹੈ।

- ਲਾਲ ਸਿੰਘ ਦੁਖਹਾਣੀ
98721-55120
98721-55120
